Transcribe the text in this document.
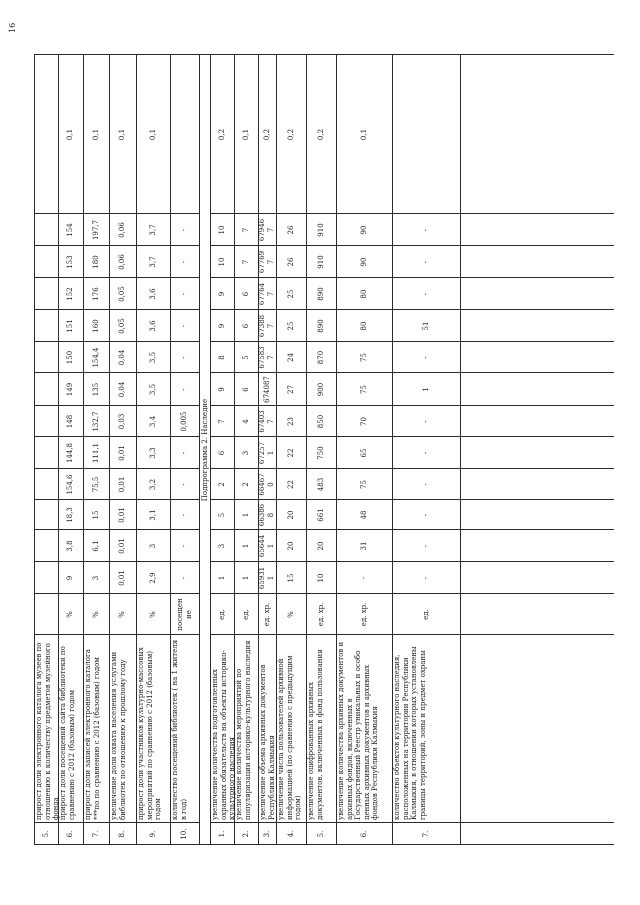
16
5.
прирост доли электронного каталога музеев по отношению к количеству предметов музейного фонда
6.
прирост доли посещений сайта библиотеки по сравнению с 2012 (базовым) годом
%
9
3,8
18,3
154,6
144,8
148
149
150
151
152
153
154
0,1
7.
прирост доли записей электронного каталога ***по по сравнению с 2012 (базовым) годом
%
3
6,1
15
75,5
111,1
132,7
135
154,4
160
176
180
197,7
0,1
8.
увеличение доли охвата населения услугами библиотек по отношению к прошлому году
%
0,01
0,01
0,01
0,01
0,01
0,03
0,04
0,04
0,05
0,05
0,06
0,06
0,1
9.
прирост доли участников культурно-массовых мероприятий по сравнению с 2012 (базовым) годом
%
2,9
3
3,1
3,2
3,3
3,4
3,5
3,5
3,6
3,6
3,7
3,7
0,1
10.
количество посещений библиотек ( на 1 жителя в год)
посещение
-
-
-
-
-
0,005
-
-
-
-
-
-
Подпрограмма 2. Наследие
1.
увеличение количества подготовленных охранных обязательств на объекты историко-культурного наследия
ед.
1
3
5
2
6
7
9
8
9
9
10
10
0,2
2.
увеличение количества мероприятий по популяризации историко-культурного наследия
ед.
1
1
1
2
3
4
6
5
6
6
7
7
0,1
3.
увеличение объема архивных документов Республики Калмыкия
ед. хр.
659311
656441
663868
664670
672571
674037
674087
675837
673887
677647
677697
679467
0,2
4.
увеличение числа пользователей архивной информацией (по сравнению с предыдущим годом)
%
15
20
20
22
22
23
27
24
25
25
26
26
0,2
5.
увеличение оцифрованных архивных документов, включенных в фонд пользования
ед. хр.
10
20
661
483
750
850
900
870
890
890
910
910
0,2
6.
увеличение количества архивных документов и архивных фондов, включенных в Государственный Реестр уникальных и особо ценных архивных документов и архивных фондов Республики Калмыкия
ед. хр.
-
31
48
75
65
70
75
75
80
80
90
90
0,1
7.
количество объектов культурного наследия, расположенных на территории Республики Калмыкия, в отношении которых установлены границы территорий, зоны и предмет охраны
ед.
-
-
-
-
-
-
1
-
51
-
-
-
